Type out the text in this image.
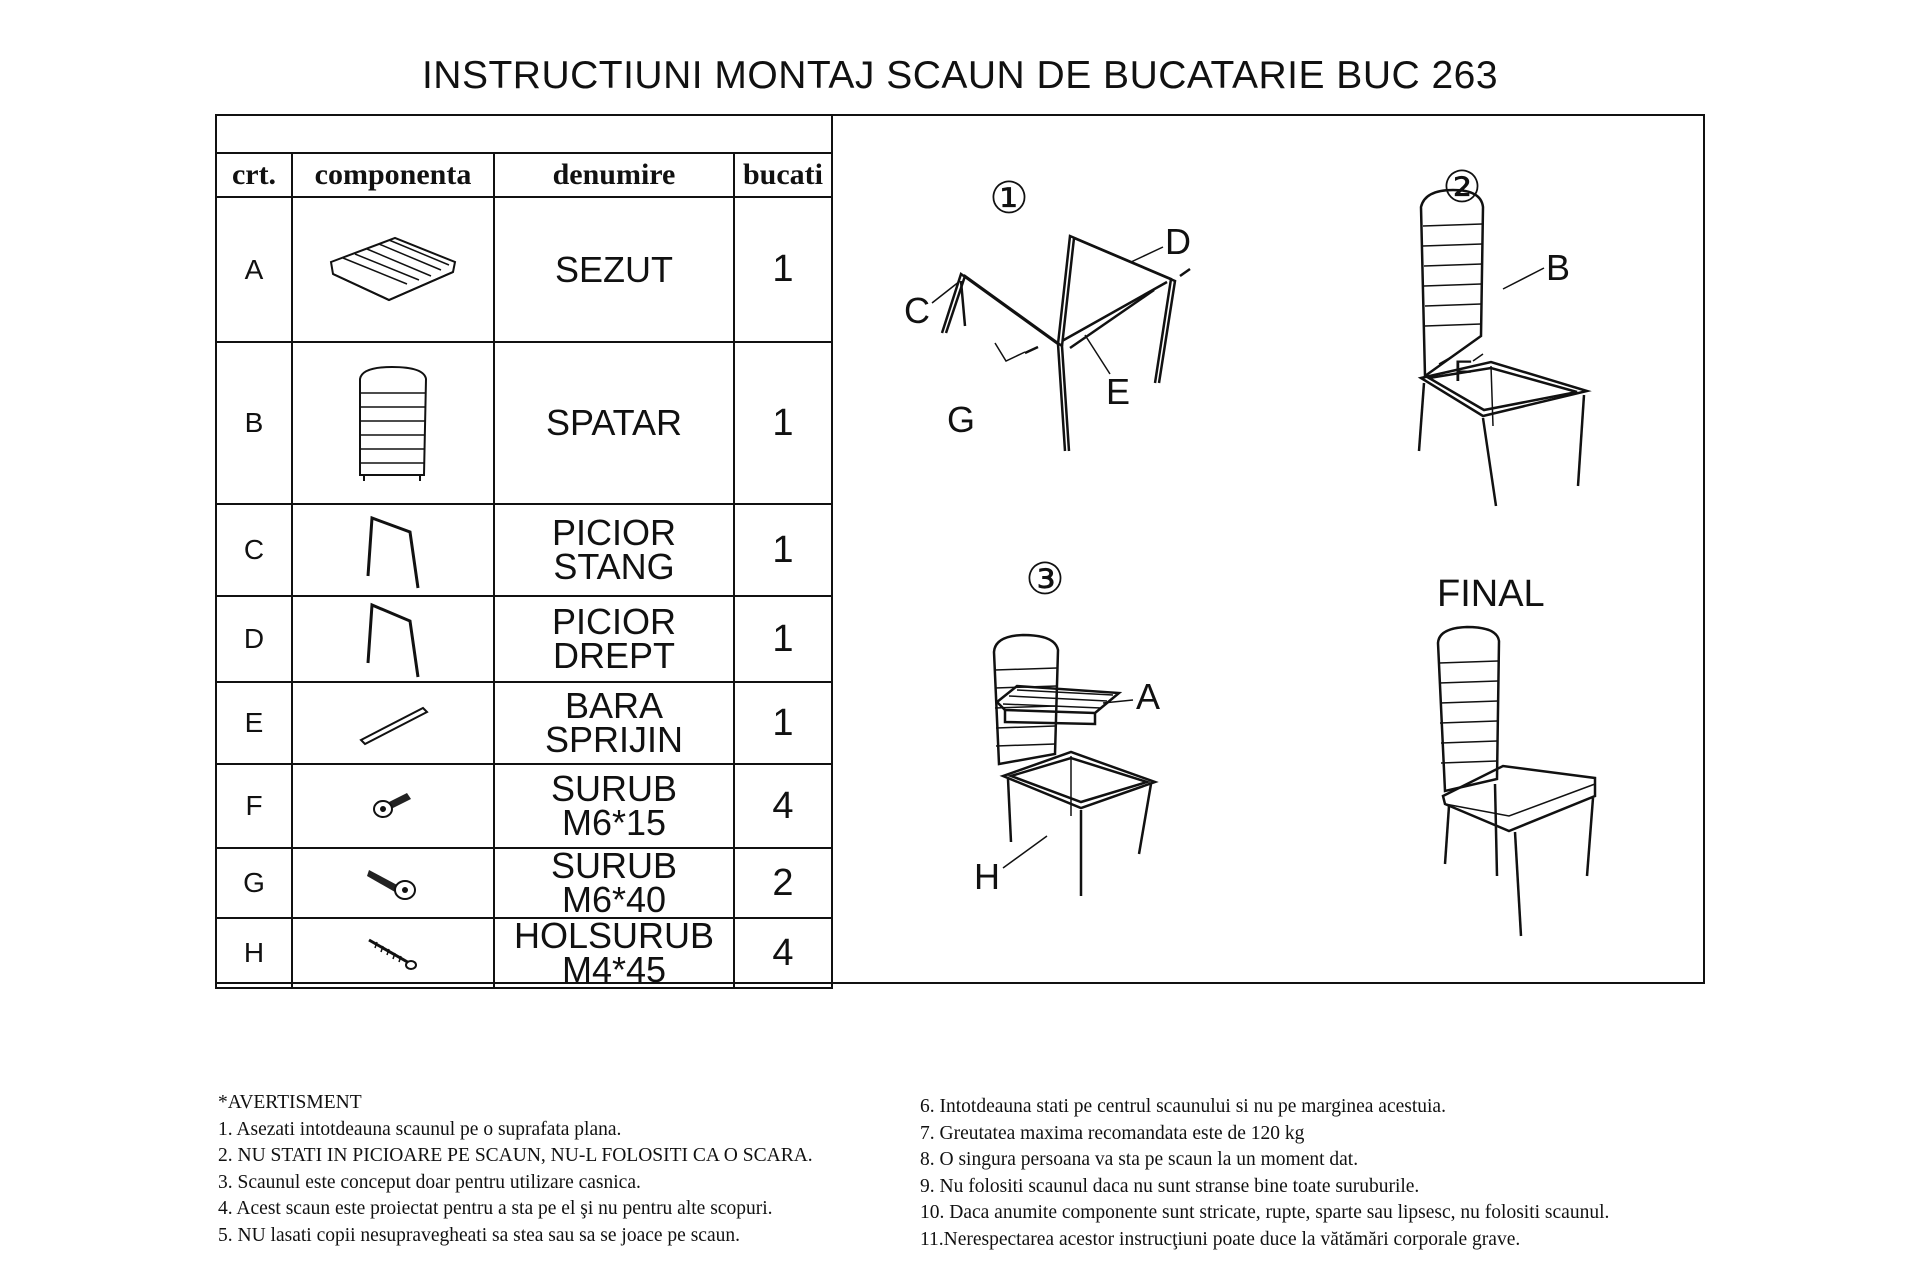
INSTRUCTIUNI MONTAJ SCAUN DE BUCATARIE BUC 263

crt.	componenta	denumire	bucati
A		SEZUT	1
B		SPATAR	1
C		PICIOR
STANG	1
D		PICIOR
DREPT	1
E		BARA
SPRIJIN	1
F		SURUB
M6*15	4
G		SURUB
M6*40	2
H		HOLSURUB
M4*45	4
①
C
D
E
G
②
B
F
③
A
H
FINAL
*AVERTISMENT
1. Asezati intotdeauna scaunul pe o suprafata plana.
2. NU STATI IN PICIOARE PE SCAUN, NU-L FOLOSITI CA O SCARA.
3. Scaunul este conceput doar pentru utilizare casnica.
4. Acest scaun este proiectat pentru a sta pe el şi nu pentru alte scopuri.
5. NU lasati copii nesupravegheati sa stea sau sa se joace pe scaun.
6. Intotdeauna stati pe centrul scaunului si nu pe marginea acestuia.
7. Greutatea maxima recomandata este de 120 kg
8. O singura persoana va sta pe scaun la un moment dat.
9. Nu folositi scaunul daca nu sunt stranse bine toate suruburile.
10. Daca anumite componente sunt stricate, rupte, sparte sau lipsesc, nu folositi scaunul.
11.Nerespectarea acestor instrucţiuni poate duce la vătămări corporale grave.
